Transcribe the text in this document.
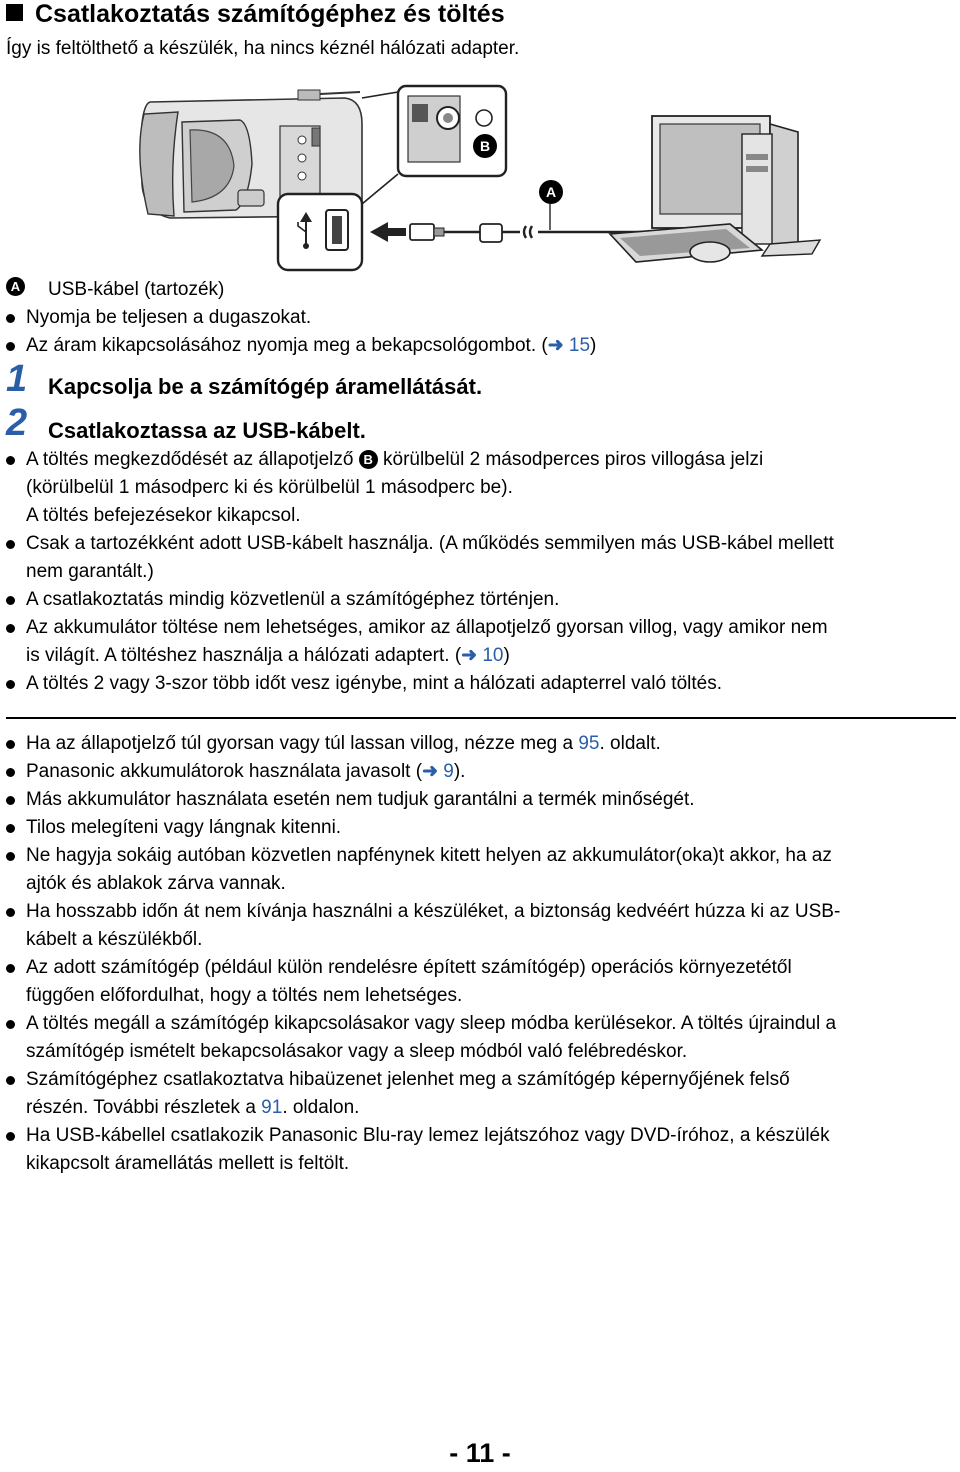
Csatlakoztatás számítógéphez és töltés
Így is feltölthető a készülék, ha nincs kéznél hálózati adapter.
B
A
A USB-kábel (tartozék)
Nyomja be teljesen a dugaszokat.
Az áram kikapcsolásához nyomja meg a bekapcsológombot. (➜ 15)
1 Kapcsolja be a számítógép áramellátását.
2 Csatlakoztassa az USB-kábelt.
A töltés megkezdődését az állapotjelző B körülbelül 2 másodperces piros villogása jelzi
(körülbelül 1 másodperc ki és körülbelül 1 másodperc be).
A töltés befejezésekor kikapcsol.
Csak a tartozékként adott USB-kábelt használja. (A működés semmilyen más USB-kábel mellett
nem garantált.)
A csatlakoztatás mindig közvetlenül a számítógéphez történjen.
Az akkumulátor töltése nem lehetséges, amikor az állapotjelző gyorsan villog, vagy amikor nem
is világít. A töltéshez használja a hálózati adaptert. (➜ 10)
A töltés 2 vagy 3-szor több időt vesz igénybe, mint a hálózati adapterrel való töltés.
Ha az állapotjelző túl gyorsan vagy túl lassan villog, nézze meg a 95. oldalt.
Panasonic akkumulátorok használata javasolt (➜ 9).
Más akkumulátor használata esetén nem tudjuk garantálni a termék minőségét.
Tilos melegíteni vagy lángnak kitenni.
Ne hagyja sokáig autóban közvetlen napfénynek kitett helyen az akkumulátor(oka)t akkor, ha az
ajtók és ablakok zárva vannak.
Ha hosszabb időn át nem kívánja használni a készüléket, a biztonság kedvéért húzza ki az USB-
kábelt a készülékből.
Az adott számítógép (például külön rendelésre épített számítógép) operációs környezetétől
függően előfordulhat, hogy a töltés nem lehetséges.
A töltés megáll a számítógép kikapcsolásakor vagy sleep módba kerülésekor. A töltés újraindul a
számítógép ismételt bekapcsolásakor vagy a sleep módból való felébredéskor.
Számítógéphez csatlakoztatva hibaüzenet jelenhet meg a számítógép képernyőjének felső
részén. További részletek a 91. oldalon.
Ha USB-kábellel csatlakozik Panasonic Blu-ray lemez lejátszóhoz vagy DVD-íróhoz, a készülék
kikapcsolt áramellátás mellett is feltölt.
- 11 -
